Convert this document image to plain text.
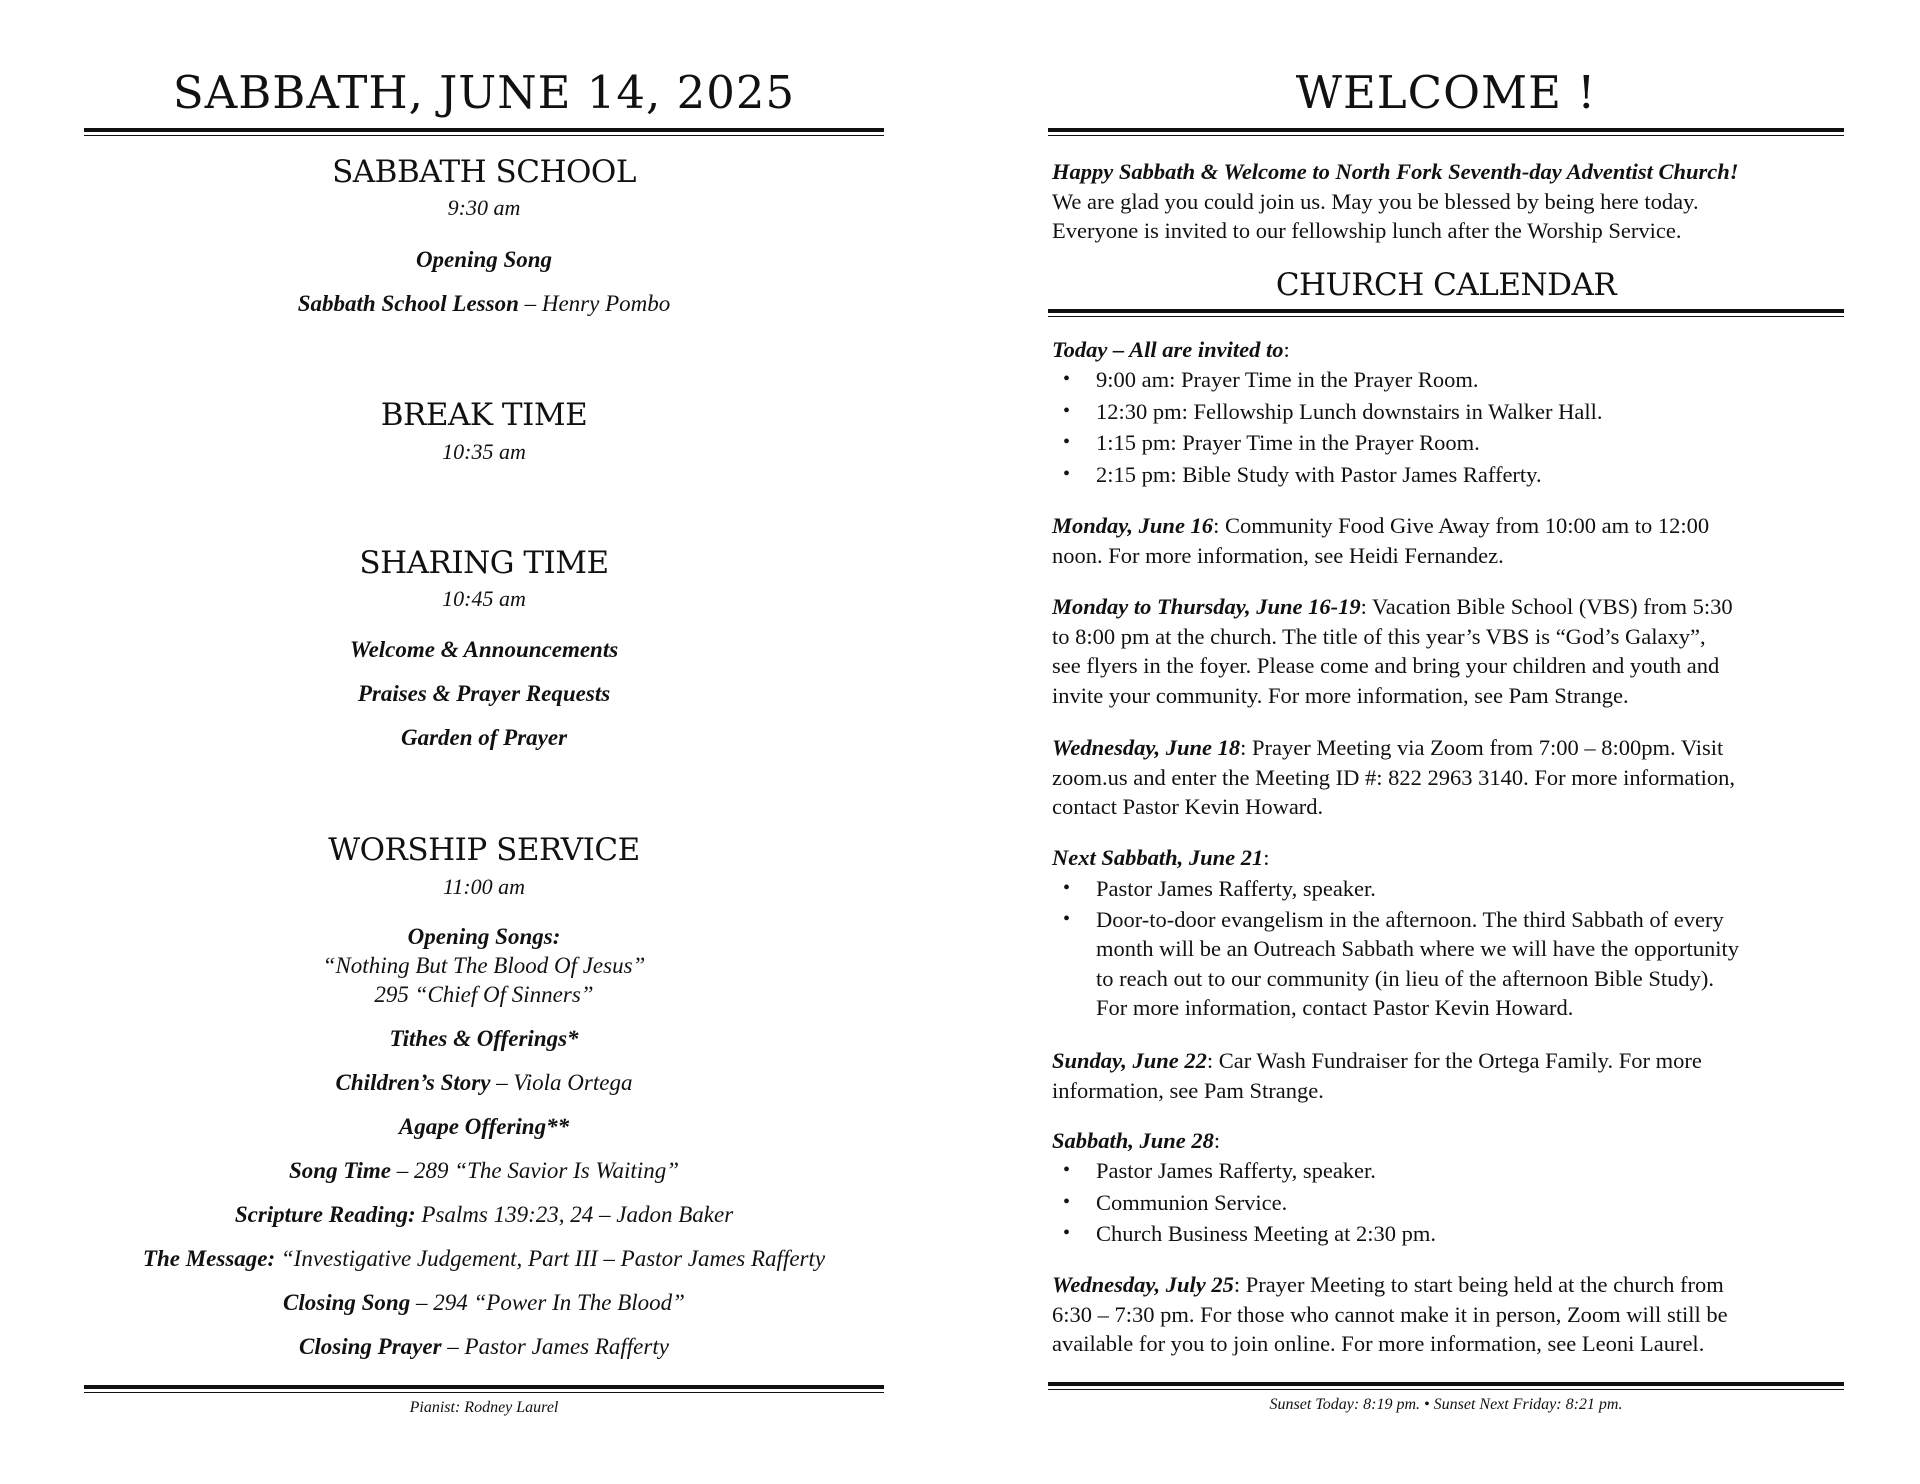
SABBATH, JUNE 14, 2025
SABBATH SCHOOL
9:30 am
Opening Song
Sabbath School Lesson – Henry Pombo
BREAK TIME
10:35 am
SHARING TIME
10:45 am
Welcome & Announcements
Praises & Prayer Requests
Garden of Prayer
WORSHIP SERVICE
11:00 am
Opening Songs:
“Nothing But The Blood Of Jesus”
295 “Chief Of Sinners”
Tithes & Offerings*
Children’s Story – Viola Ortega
Agape Offering**
Song Time – 289 “The Savior Is Waiting”
Scripture Reading: Psalms 139:23, 24 – Jadon Baker
The Message: “Investigative Judgement, Part III – Pastor James Rafferty
Closing Song – 294 “Power In The Blood”
Closing Prayer – Pastor James Rafferty
Pianist: Rodney Laurel
WELCOME !
Happy Sabbath & Welcome to North Fork Seventh-day Adventist Church!
We are glad you could join us. May you be blessed by being here today.
Everyone is invited to our fellowship lunch after the Worship Service.
CHURCH CALENDAR
Today – All are invited to:
• 9:00 am: Prayer Time in the Prayer Room.
• 12:30 pm: Fellowship Lunch downstairs in Walker Hall.
• 1:15 pm: Prayer Time in the Prayer Room.
• 2:15 pm: Bible Study with Pastor James Rafferty.
Monday, June 16: Community Food Give Away from 10:00 am to 12:00
noon. For more information, see Heidi Fernandez.
Monday to Thursday, June 16-19: Vacation Bible School (VBS) from 5:30
to 8:00 pm at the church. The title of this year’s VBS is “God’s Galaxy”,
see flyers in the foyer. Please come and bring your children and youth and
invite your community. For more information, see Pam Strange.
Wednesday, June 18: Prayer Meeting via Zoom from 7:00 – 8:00pm. Visit
zoom.us and enter the Meeting ID #: 822 2963 3140. For more information,
contact Pastor Kevin Howard.
Next Sabbath, June 21:
• Pastor James Rafferty, speaker.
• Door-to-door evangelism in the afternoon. The third Sabbath of every
month will be an Outreach Sabbath where we will have the opportunity
to reach out to our community (in lieu of the afternoon Bible Study).
For more information, contact Pastor Kevin Howard.
Sunday, June 22: Car Wash Fundraiser for the Ortega Family. For more
information, see Pam Strange.
Sabbath, June 28:
• Pastor James Rafferty, speaker.
• Communion Service.
• Church Business Meeting at 2:30 pm.
Wednesday, July 25: Prayer Meeting to start being held at the church from
6:30 – 7:30 pm. For those who cannot make it in person, Zoom will still be
available for you to join online. For more information, see Leoni Laurel.
Sunset Today: 8:19 pm. • Sunset Next Friday: 8:21 pm.
